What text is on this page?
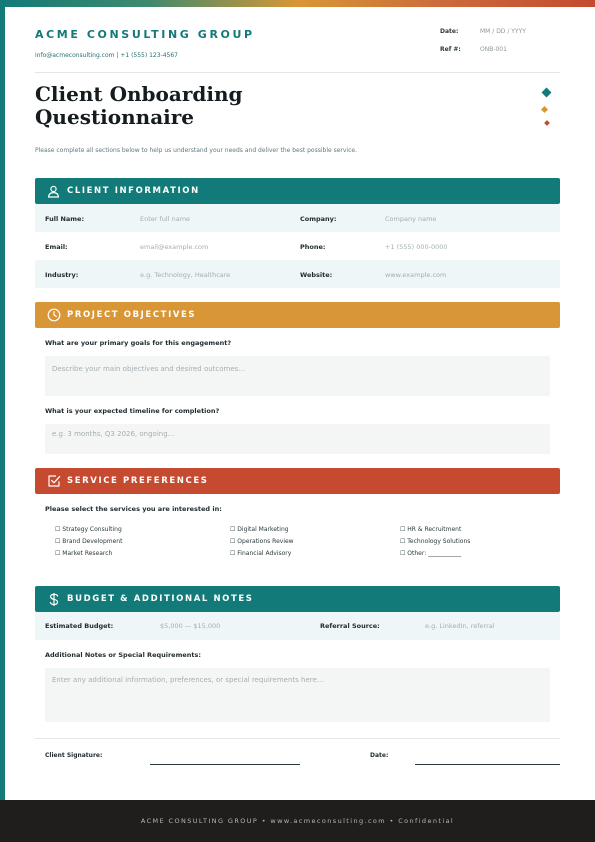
ACME CONSULTING GROUP
info@acmeconsulting.com | +1 (555) 123-4567
Date:	MM / DD / YYYY
Ref #:	ONB-001
Client Onboarding
Questionnaire
Please complete all sections below to help us understand your needs and deliver the best possible service.
CLIENT INFORMATION
Full Name:	Enter full name	Company:	Company name
Email:	email@example.com	Phone:	+1 (555) 000-0000
Industry:	e.g. Technology, Healthcare	Website:	www.example.com
PROJECT OBJECTIVES
What are your primary goals for this engagement?
Describe your main objectives and desired outcomes...
What is your expected timeline for completion?
e.g. 3 months, Q3 2026, ongoing...
SERVICE PREFERENCES
Please select the services you are interested in:
☐ Strategy Consulting	☐ Digital Marketing	☐ HR & Recruitment
☐ Brand Development	☐ Operations Review	☐ Technology Solutions
☐ Market Research	☐ Financial Advisory	☐ Other: ___________
BUDGET & ADDITIONAL NOTES
Estimated Budget:	$5,000 — $15,000	Referral Source:	e.g. LinkedIn, referral
Additional Notes or Special Requirements:
Enter any additional information, preferences, or special requirements here...
Client Signature:	Date:
ACME CONSULTING GROUP • www.acmeconsulting.com • Confidential
